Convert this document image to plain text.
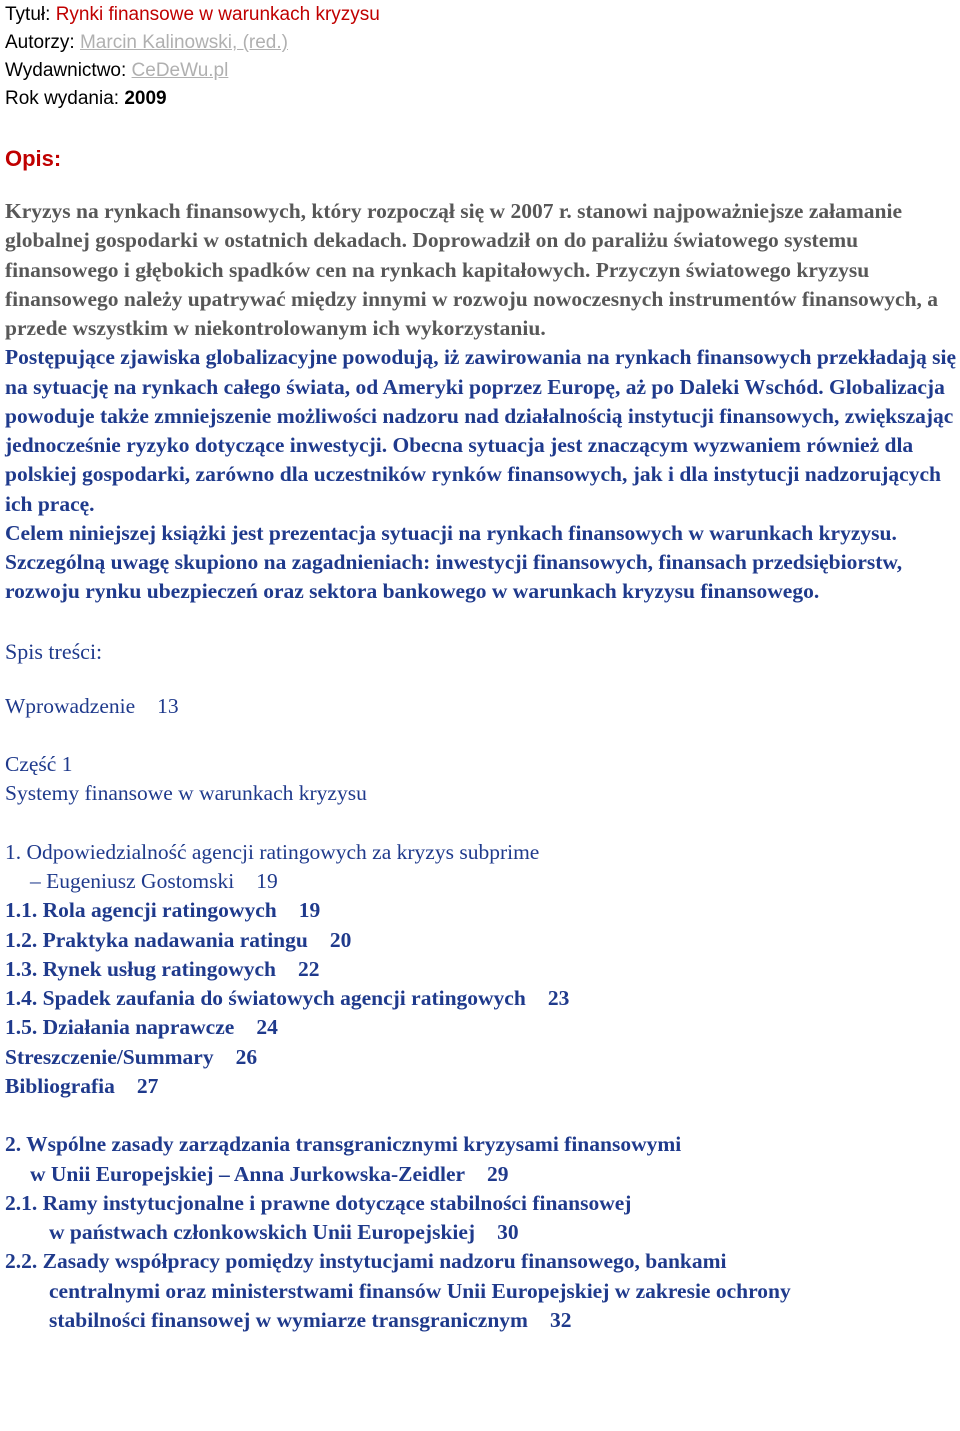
Tytuł: Rynki finansowe w warunkach kryzysu

Autorzy: Marcin Kalinowski, (red.)

Wydawnictwo: CeDeWu.pl

Rok wydania: 2009

Opis:

Kryzys na rynkach finansowych, który rozpoczął się w 2007 r. stanowi najpoważniejsze załamanie globalnej gospodarki w ostatnich dekadach. Doprowadził on do paraliżu światowego systemu finansowego i głębokich spadków cen na rynkach kapitałowych. Przyczyn światowego kryzysu finansowego należy upatrywać między innymi w rozwoju nowoczesnych instrumentów finansowych, a przede wszystkim w niekontrolowanym ich wykorzystaniu.

Postępujące zjawiska globalizacyjne powodują, iż zawirowania na rynkach finansowych przekładają się na sytuację na rynkach całego świata, od Ameryki poprzez Europę, aż po Daleki Wschód. Globalizacja powoduje także zmniejszenie możliwości nadzoru nad działalnością instytucji finansowych, zwiększając jednocześnie ryzyko dotyczące inwestycji. Obecna sytuacja jest znaczącym wyzwaniem również dla polskiej gospodarki, zarówno dla uczestników rynków finansowych, jak i dla instytucji nadzorujących ich pracę.

Celem niniejszej książki jest prezentacja sytuacji na rynkach finansowych w warunkach kryzysu. Szczególną uwagę skupiono na zagadnieniach: inwestycji finansowych, finansach przedsiębiorstw, rozwoju rynku ubezpieczeń oraz sektora bankowego w warunkach kryzysu finansowego.

Spis treści:

Wprowadzenie 13

Część 1

Systemy finansowe w warunkach kryzysu

1. Odpowiedzialność agencji ratingowych za kryzys subprime

– Eugeniusz Gostomski 19

1.1. Rola agencji ratingowych 19

1.2. Praktyka nadawania ratingu 20

1.3. Rynek usług ratingowych 22

1.4. Spadek zaufania do światowych agencji ratingowych 23

1.5. Działania naprawcze 24

Streszczenie/Summary 26

Bibliografia 27

2. Wspólne zasady zarządzania transgranicznymi kryzysami finansowymi

w Unii Europejskiej – Anna Jurkowska-Zeidler 29

2.1. Ramy instytucjonalne i prawne dotyczące stabilności finansowej

w państwach członkowskich Unii Europejskiej 30

2.2. Zasady współpracy pomiędzy instytucjami nadzoru finansowego, bankami

centralnymi oraz ministerstwami finansów Unii Europejskiej w zakresie ochrony

stabilności finansowej w wymiarze transgranicznym 32
